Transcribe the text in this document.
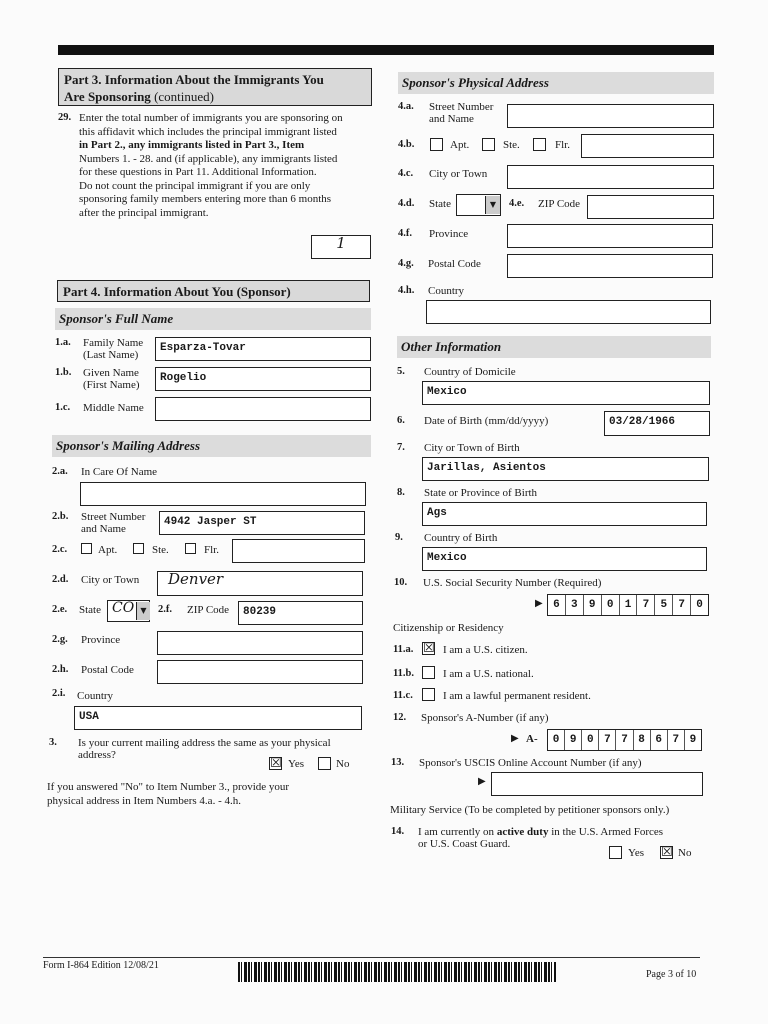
Part 3. Information About the Immigrants You
Are Sponsoring (continued)
29. Enter the total number of immigrants you are sponsoring on
this affidavit which includes the principal immigrant listed
in Part 2., any immigrants listed in Part 3., Item
Numbers 1. - 28. and (if applicable), any immigrants listed
for these questions in Part 11. Additional Information.
Do not count the principal immigrant if you are only
sponsoring family members entering more than 6 months
after the principal immigrant.
1
Part 4. Information About You (Sponsor)
Sponsor's Full Name
1.a. Family Name
(Last Name)
Esparza-Tovar
1.b. Given Name
(First Name)
Rogelio
1.c. Middle Name
Sponsor's Mailing Address
2.a. In Care Of Name
2.b. Street Number
and Name
4942 Jasper ST
2.c.	Apt.	Ste.	Flr.
2.d. City or Town	Denver
2.e. State CO ▼	2.f. ZIP Code	80239
2.g. Province
2.h. Postal Code
2.i. Country
USA
3. Is your current mailing address the same as your physical
address?
☒ Yes	No
If you answered "No" to Item Number 3., provide your
physical address in Item Numbers 4.a. - 4.h.
Sponsor's Physical Address
4.a. Street Number
and Name
4.b.	Apt.	Ste.	Flr.
4.c. City or Town
4.d. State	▼	4.e. ZIP Code
4.f. Province
4.g. Postal Code
4.h. Country
Other Information
5. Country of Domicile
Mexico
6. Date of Birth (mm/dd/yyyy)	03/28/1966
7. City or Town of Birth
Jarillas, Asientos
8. State or Province of Birth
Ags
9. Country of Birth
Mexico
10. U.S. Social Security Number (Required)
▶ 6	3	9	0	1	7	5	7	0
Citizenship or Residency
11.a. ☒ I am a U.S. citizen.
11.b.	I am a U.S. national.
11.c.	I am a lawful permanent resident.
12. Sponsor's A-Number (if any)
▶ A-	0 9 0 7 7 8 6 7 9
13. Sponsor's USCIS Online Account Number (if any)
▶
Military Service (To be completed by petitioner sponsors only.)
14. I am currently on active duty in the U.S. Armed Forces
or U.S. Coast Guard.
Yes ☒ No
Form I-864 Edition 12/08/21
Page 3 of 10
